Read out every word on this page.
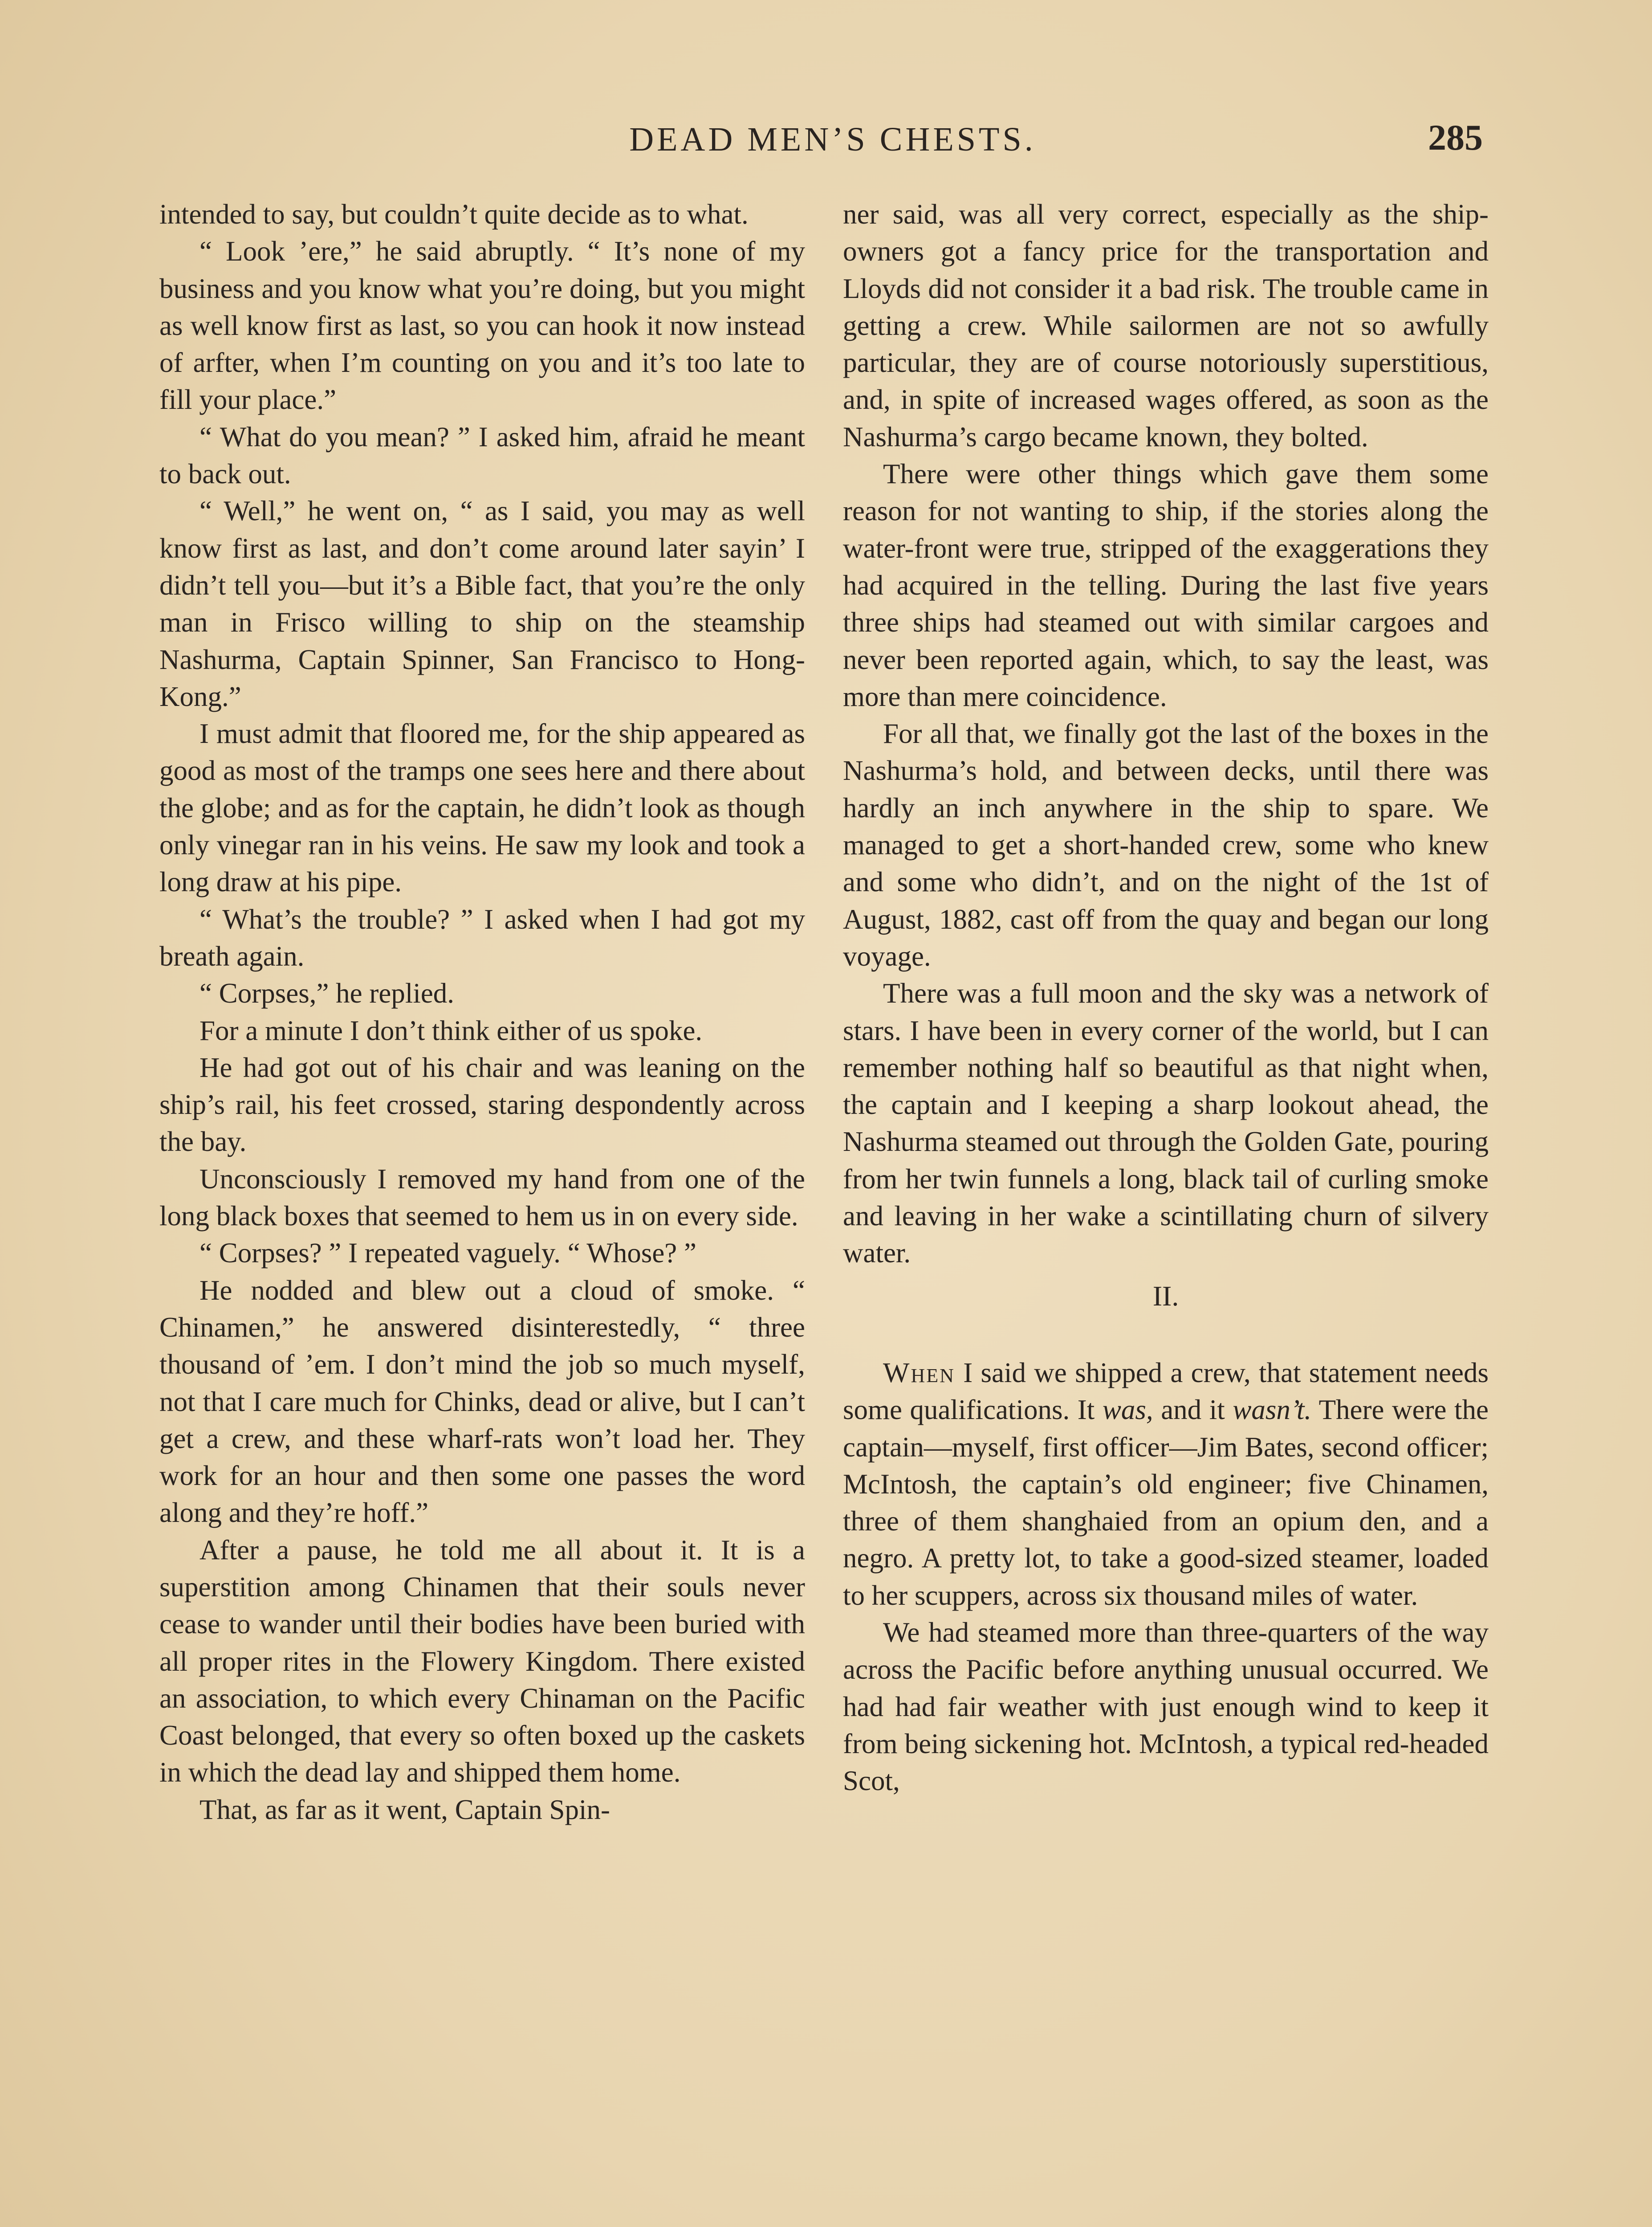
DEAD MEN’S CHESTS.	285

intended to say, but couldn’t quite decide as to what.

“ Look ’ere,” he said abruptly. “ It’s none of my business and you know what you’re doing, but you might as well know first as last, so you can hook it now instead of arfter, when I’m counting on you and it’s too late to fill your place.”

“ What do you mean? ” I asked him, afraid he meant to back out.

“ Well,” he went on, “ as I said, you may as well know first as last, and don’t come around later sayin’ I didn’t tell you—but it’s a Bible fact, that you’re the only man in Frisco willing to ship on the steamship Nashurma, Captain Spinner, San Francisco to Hong-Kong.”

I must admit that floored me, for the ship appeared as good as most of the tramps one sees here and there about the globe; and as for the captain, he didn’t look as though only vinegar ran in his veins. He saw my look and took a long draw at his pipe.

“ What’s the trouble? ” I asked when I had got my breath again.

“ Corpses,” he replied.

For a minute I don’t think either of us spoke.

He had got out of his chair and was leaning on the ship’s rail, his feet crossed, staring despondently across the bay.

Unconsciously I removed my hand from one of the long black boxes that seemed to hem us in on every side.

“ Corpses? ” I repeated vaguely. “ Whose? ”

He nodded and blew out a cloud of smoke. “ Chinamen,” he answered disinterestedly, “ three thousand of ’em. I don’t mind the job so much myself, not that I care much for Chinks, dead or alive, but I can’t get a crew, and these wharf-rats won’t load her. They work for an hour and then some one passes the word along and they’re hoff.”

After a pause, he told me all about it. It is a superstition among Chinamen that their souls never cease to wander until their bodies have been buried with all proper rites in the Flowery Kingdom. There existed an association, to which every Chinaman on the Pacific Coast belonged, that every so often boxed up the caskets in which the dead lay and shipped them home.

That, as far as it went, Captain Spin-

ner said, was all very correct, especially as the ship-owners got a fancy price for the transportation and Lloyds did not consider it a bad risk. The trouble came in getting a crew. While sailormen are not so awfully particular, they are of course notoriously superstitious, and, in spite of increased wages offered, as soon as the Nashurma’s cargo became known, they bolted.

There were other things which gave them some reason for not wanting to ship, if the stories along the water-front were true, stripped of the exaggerations they had acquired in the telling. During the last five years three ships had steamed out with similar cargoes and never been reported again, which, to say the least, was more than mere coincidence.

For all that, we finally got the last of the boxes in the Nashurma’s hold, and between decks, until there was hardly an inch anywhere in the ship to spare. We managed to get a short-handed crew, some who knew and some who didn’t, and on the night of the 1st of August, 1882, cast off from the quay and began our long voyage.

There was a full moon and the sky was a network of stars. I have been in every corner of the world, but I can remember nothing half so beautiful as that night when, the captain and I keeping a sharp lookout ahead, the Nashurma steamed out through the Golden Gate, pouring from her twin funnels a long, black tail of curling smoke and leaving in her wake a scintillating churn of silvery water.

II.

When I said we shipped a crew, that statement needs some qualifications. It was, and it wasn’t. There were the captain—myself, first officer—Jim Bates, second officer; McIntosh, the captain’s old engineer; five Chinamen, three of them shanghaied from an opium den, and a negro. A pretty lot, to take a good-sized steamer, loaded to her scuppers, across six thousand miles of water.

We had steamed more than three-quarters of the way across the Pacific before anything unusual occurred. We had had fair weather with just enough wind to keep it from being sickening hot. McIntosh, a typical red-headed Scot,
